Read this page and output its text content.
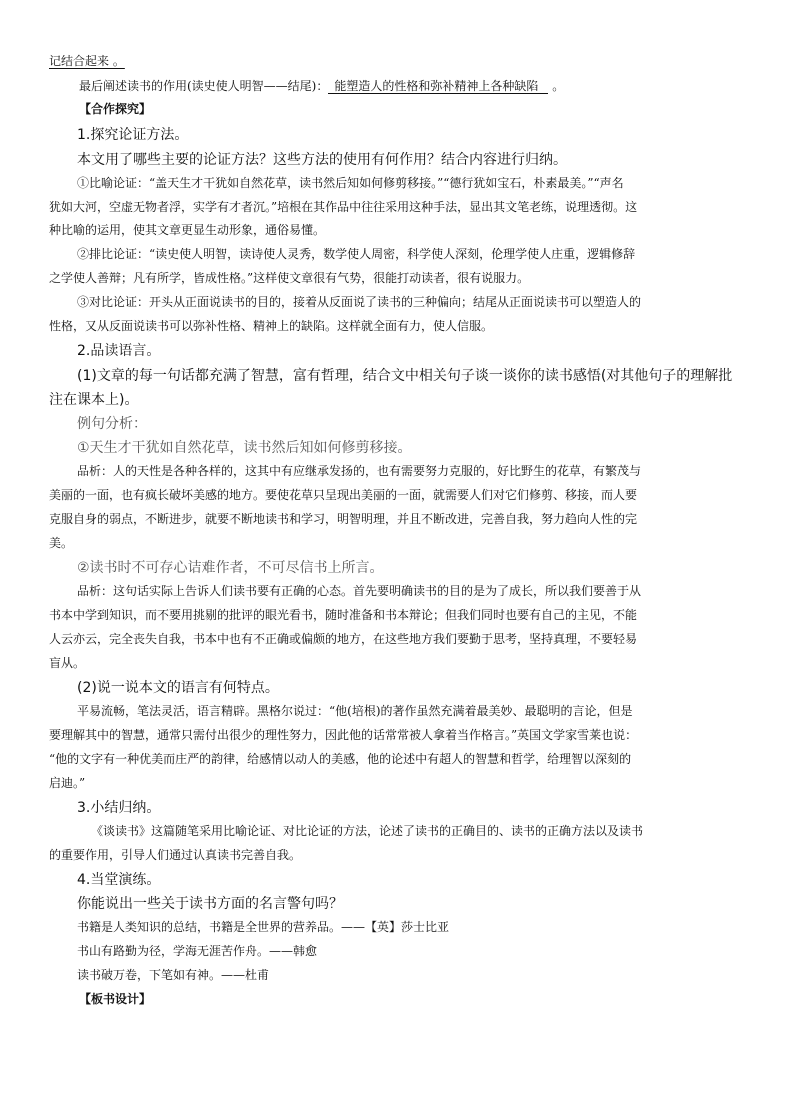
记结合起来 。
最后阐述读书的作用(读史使人明智——结尾)： 能塑造人的性格和弥补精神上各种缺陷 。
【合作探究】
1.探究论证方法。
本文用了哪些主要的论证方法？这些方法的使用有何作用？结合内容进行归纳。
①比喻论证：“盖天生才干犹如自然花草，读书然后知如何修剪移接。”“德行犹如宝石，朴素最美。”“声名
犹如大河，空虚无物者浮，实学有才者沉。”培根在其作品中往往采用这种手法，显出其文笔老练，说理透彻。这
种比喻的运用，使其文章更显生动形象，通俗易懂。
②排比论证：“读史使人明智，读诗使人灵秀，数学使人周密，科学使人深刻，伦理学使人庄重，逻辑修辞
之学使人善辩；凡有所学，皆成性格。”这样使文章很有气势，很能打动读者，很有说服力。
③对比论证：开头从正面说读书的目的，接着从反面说了读书的三种偏向；结尾从正面说读书可以塑造人的
性格，又从反面说读书可以弥补性格、精神上的缺陷。这样就全面有力，使人信服。
2.品读语言。
(1)文章的每一句话都充满了智慧，富有哲理，结合文中相关句子谈一谈你的读书感悟(对其他句子的理解批
注在课本上)。
例句分析：
①天生才干犹如自然花草，读书然后知如何修剪移接。
品析：人的天性是各种各样的，这其中有应继承发扬的，也有需要努力克服的，好比野生的花草，有繁茂与
美丽的一面，也有疯长破坏美感的地方。要使花草只呈现出美丽的一面，就需要人们对它们修剪、移接，而人要
克服自身的弱点，不断进步，就要不断地读书和学习，明智明理，并且不断改进，完善自我，努力趋向人性的完
美。
②读书时不可存心诘难作者，不可尽信书上所言。
品析：这句话实际上告诉人们读书要有正确的心态。首先要明确读书的目的是为了成长，所以我们要善于从
书本中学到知识，而不要用挑剔的批评的眼光看书，随时准备和书本辩论；但我们同时也要有自己的主见，不能
人云亦云，完全丧失自我，书本中也有不正确或偏颇的地方，在这些地方我们要勤于思考，坚持真理，不要轻易
盲从。
(2)说一说本文的语言有何特点。
平易流畅，笔法灵活，语言精辟。黑格尔说过：“他(培根)的著作虽然充满着最美妙、最聪明的言论，但是
要理解其中的智慧，通常只需付出很少的理性努力，因此他的话常常被人拿着当作格言。”英国文学家雪莱也说：
“他的文字有一种优美而庄严的韵律，给感情以动人的美感，他的论述中有超人的智慧和哲学，给理智以深刻的
启迪。”
3.小结归纳。
《谈读书》这篇随笔采用比喻论证、对比论证的方法，论述了读书的正确目的、读书的正确方法以及读书
的重要作用，引导人们通过认真读书完善自我。
4.当堂演练。
你能说出一些关于读书方面的名言警句吗？
书籍是人类知识的总结，书籍是全世界的营养品。——【英】莎士比亚
书山有路勤为径，学海无涯苦作舟。——韩愈
读书破万卷，下笔如有神。——杜甫
【板书设计】
